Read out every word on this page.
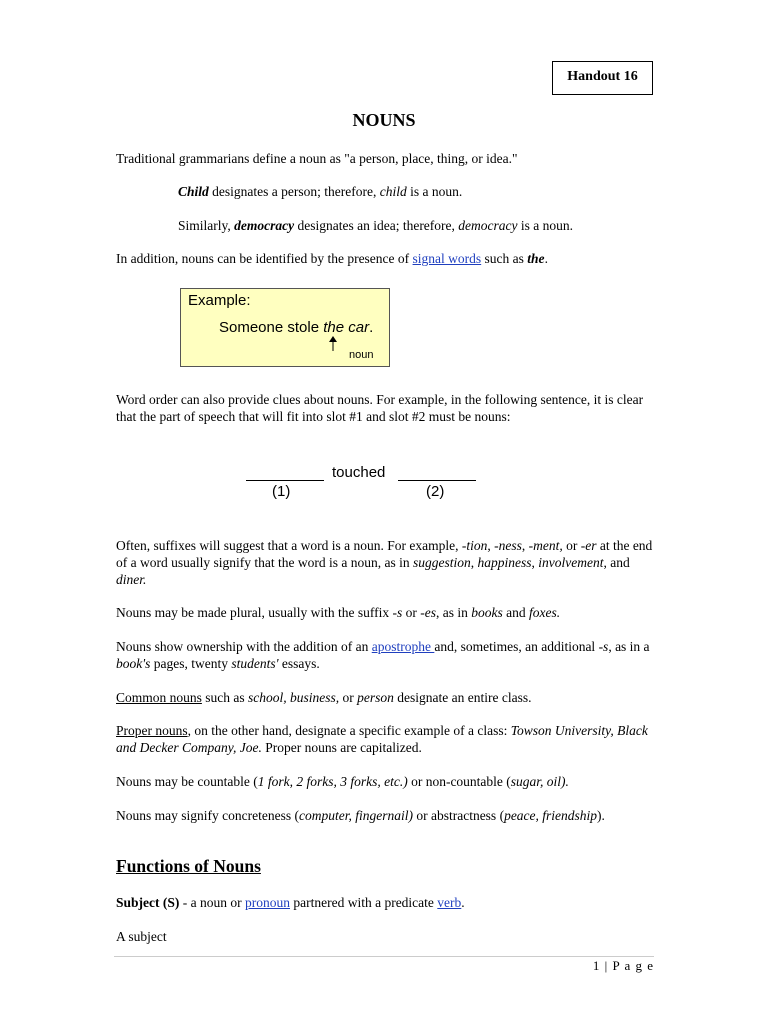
Handout 16
NOUNS

Traditional grammarians define a noun as "a person, place, thing, or idea."

Child designates a person; therefore, child is a noun.

Similarly, democracy designates an idea; therefore, democracy is a noun.

In addition, nouns can be identified by the presence of signal words such as the.

Example:
Someone stole the car.
noun

Word order can also provide clues about nouns. For example, in the following sentence, it is clear that the part of speech that will fit into slot #1 and slot #2 must be nouns:

touched
(1)	(2)

Often, suffixes will suggest that a word is a noun. For example, -tion, -ness, -ment, or -er at the end of a word usually signify that the word is a noun, as in suggestion, happiness, involvement, and diner.

Nouns may be made plural, usually with the suffix -s or -es, as in books and foxes.

Nouns show ownership with the addition of an apostrophe and, sometimes, an additional -s, as in a book's pages, twenty students' essays.

Common nouns such as school, business, or person designate an entire class.

Proper nouns, on the other hand, designate a specific example of a class: Towson University, Black and Decker Company, Joe. Proper nouns are capitalized.

Nouns may be countable (1 fork, 2 forks, 3 forks, etc.) or non-countable (sugar, oil).

Nouns may signify concreteness (computer, fingernail) or abstractness (peace, friendship).

Functions of Nouns

Subject (S) - a noun or pronoun partnered with a predicate verb.

A subject

1 | P a g e
